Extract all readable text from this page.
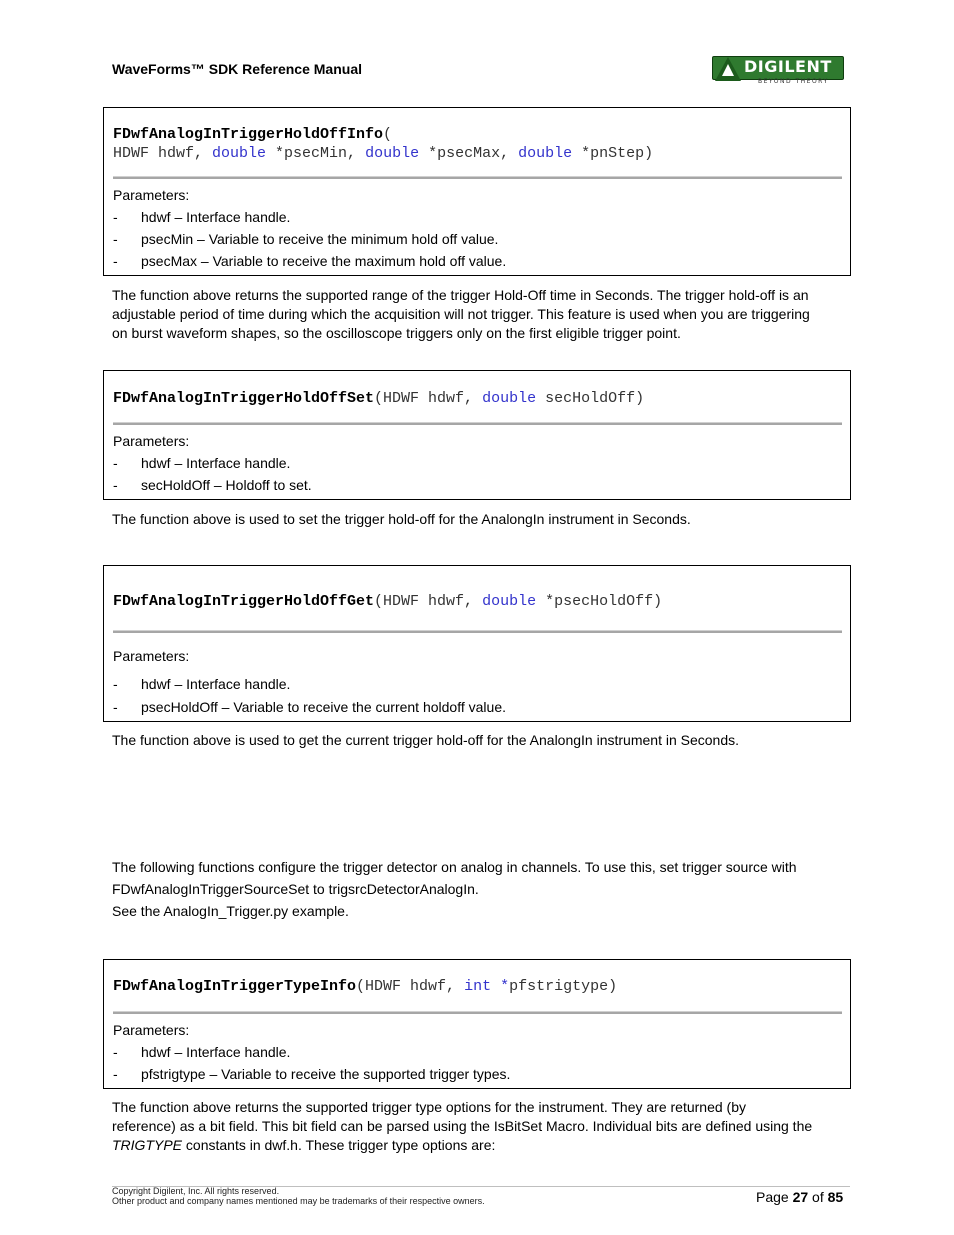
WaveForms™ SDK Reference Manual	DIGILENT
BEYOND THEORY
FDwfAnalogInTriggerHoldOffInfo(
HDWF hdwf, double *psecMin, double *psecMax, double *pnStep)
Parameters:
- hdwf – Interface handle.
- psecMin – Variable to receive the minimum hold off value.
- psecMax – Variable to receive the maximum hold off value.
The function above returns the supported range of the trigger Hold-Off time in Seconds. The trigger hold-off is an
adjustable period of time during which the acquisition will not trigger. This feature is used when you are triggering
on burst waveform shapes, so the oscilloscope triggers only on the first eligible trigger point.
FDwfAnalogInTriggerHoldOffSet(HDWF hdwf, double secHoldOff)
Parameters:
- hdwf – Interface handle.
- secHoldOff – Holdoff to set.
The function above is used to set the trigger hold-off for the AnalongIn instrument in Seconds.
FDwfAnalogInTriggerHoldOffGet(HDWF hdwf, double *psecHoldOff)
Parameters:
- hdwf – Interface handle.
- psecHoldOff – Variable to receive the current holdoff value.
The function above is used to get the current trigger hold-off for the AnalongIn instrument in Seconds.
The following functions configure the trigger detector on analog in channels. To use this, set trigger source with
FDwfAnalogInTriggerSourceSet to trigsrcDetectorAnalogIn.
See the AnalogIn_Trigger.py example.
FDwfAnalogInTriggerTypeInfo(HDWF hdwf, int *pfstrigtype)
Parameters:
- hdwf – Interface handle.
- pfstrigtype – Variable to receive the supported trigger types.
The function above returns the supported trigger type options for the instrument. They are returned (by
reference) as a bit field. This bit field can be parsed using the IsBitSet Macro. Individual bits are defined using the
TRIGTYPE constants in dwf.h. These trigger type options are:
Copyright Digilent, Inc. All rights reserved.
Other product and company names mentioned may be trademarks of their respective owners.	Page 27 of 85
